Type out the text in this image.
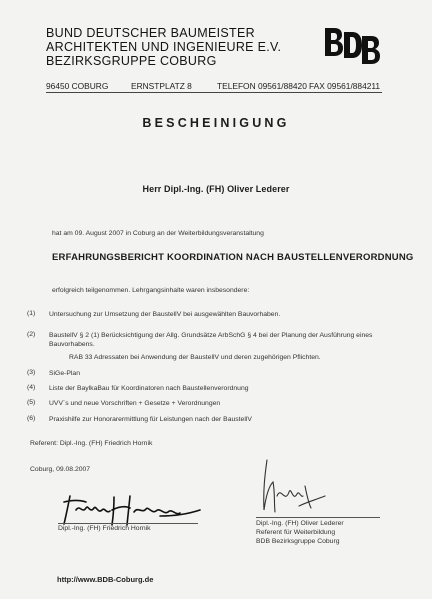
BUND DEUTSCHER BAUMEISTER
ARCHITEKTEN UND INGENIEURE E.V.
BEZIRKSGRUPPE COBURG
96450 COBURG	ERNSTPLATZ 8	TELEFON 09561/88420 FAX 09561/884211
BESCHEINIGUNG
Herr Dipl.-Ing. (FH) Oliver Lederer
hat am 09. August 2007 in Coburg an der Weiterbildungsveranstaltung
ERFAHRUNGSBERICHT KOORDINATION NACH BAUSTELLENVERORDNUNG
erfolgreich teilgenommen. Lehrgangsinhalte waren insbesondere:
(1) Untersuchung zur Umsetzung der BaustellV bei ausgewählten Bauvorhaben.
(2) BaustellV § 2 (1) Berücksichtigung der Allg. Grundsätze ArbSchG § 4 bei der Planung der Ausführung eines Bauvorhabens.
RAB 33 Adressaten bei Anwendung der BaustellV und deren zugehörigen Pflichten.
(3) SiGe-Plan
(4) Liste der BaylkaBau für Koordinatoren nach Baustellenverordnung
(5) UVV´s und neue Vorschriften + Gesetze + Verordnungen
(6) Praxishilfe zur Honorarermittlung für Leistungen nach der BaustellV
Referent: Dipl.-Ing. (FH) Friedrich Hornik
Coburg, 09.08.2007
Dipl.-Ing. (FH) Friedrich Hornik
Dipl.-Ing. (FH) Oliver Lederer
Referent für Weiterbildung
BDB Bezirksgruppe Coburg
http://www.BDB-Coburg.de
